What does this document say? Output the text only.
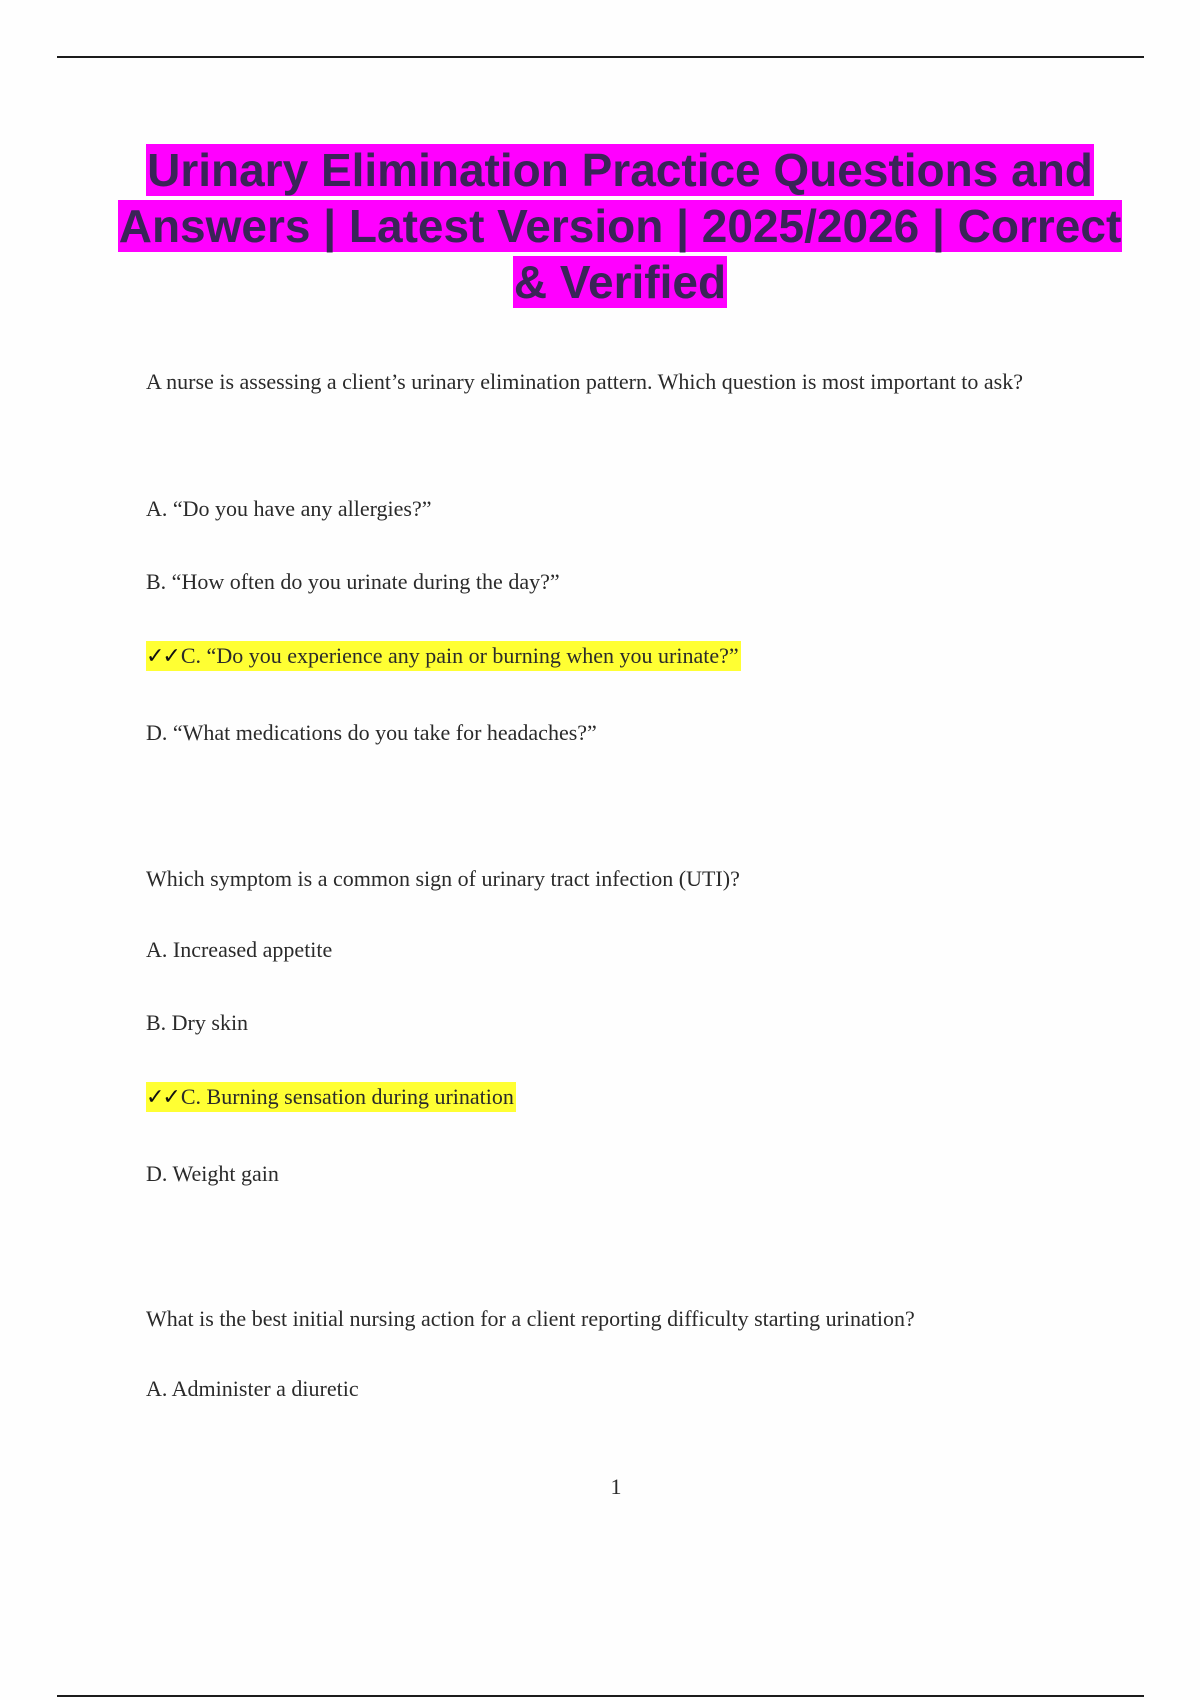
Urinary Elimination Practice Questions and Answers | Latest Version | 2025/2026 | Correct & Verified

A nurse is assessing a client’s urinary elimination pattern. Which question is most important to ask?

A. “Do you have any allergies?”

B. “How often do you urinate during the day?”

✓✓C. “Do you experience any pain or burning when you urinate?”

D. “What medications do you take for headaches?”

Which symptom is a common sign of urinary tract infection (UTI)?

A. Increased appetite

B. Dry skin

✓✓C. Burning sensation during urination

D. Weight gain

What is the best initial nursing action for a client reporting difficulty starting urination?

A. Administer a diuretic

1
